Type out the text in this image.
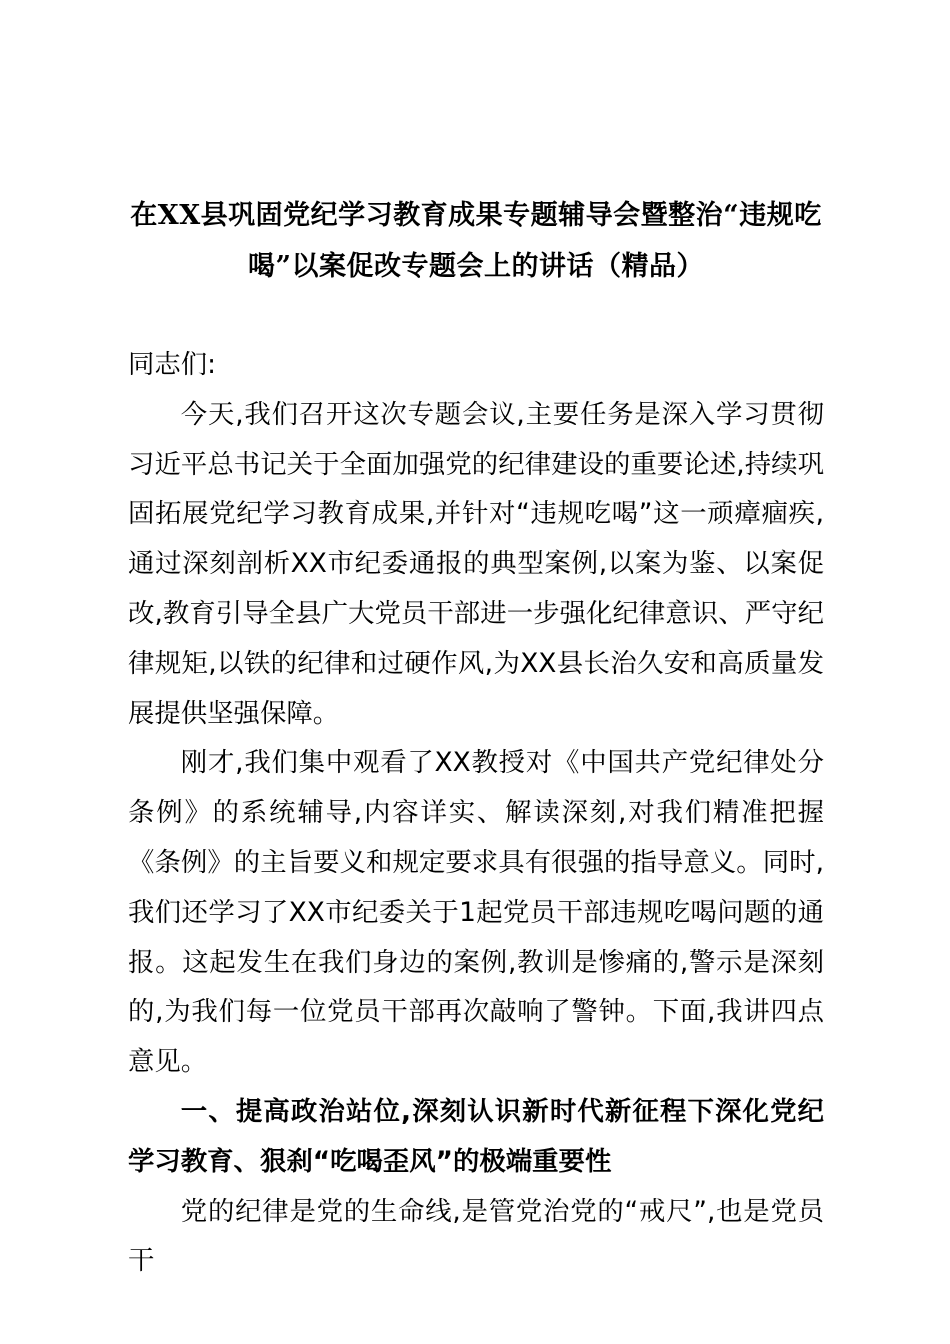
在XX县巩固党纪学习教育成果专题辅导会暨整治“违规吃喝”以案促改专题会上的讲话（精品）

同志们:

今天,我们召开这次专题会议,主要任务是深入学习贯彻习近平总书记关于全面加强党的纪律建设的重要论述,持续巩固拓展党纪学习教育成果,并针对“违规吃喝”这一顽瘴痼疾,通过深刻剖析XX市纪委通报的典型案例,以案为鉴、以案促改,教育引导全县广大党员干部进一步强化纪律意识、严守纪律规矩,以铁的纪律和过硬作风,为XX县长治久安和高质量发展提供坚强保障。

刚才,我们集中观看了XX教授对《中国共产党纪律处分条例》的系统辅导,内容详实、解读深刻,对我们精准把握《条例》的主旨要义和规定要求具有很强的指导意义。同时,我们还学习了XX市纪委关于1起党员干部违规吃喝问题的通报。这起发生在我们身边的案例,教训是惨痛的,警示是深刻的,为我们每一位党员干部再次敲响了警钟。下面,我讲四点意见。

一、提高政治站位,深刻认识新时代新征程下深化党纪学习教育、狠刹“吃喝歪风”的极端重要性

党的纪律是党的生命线,是管党治党的“戒尺”,也是党员干
